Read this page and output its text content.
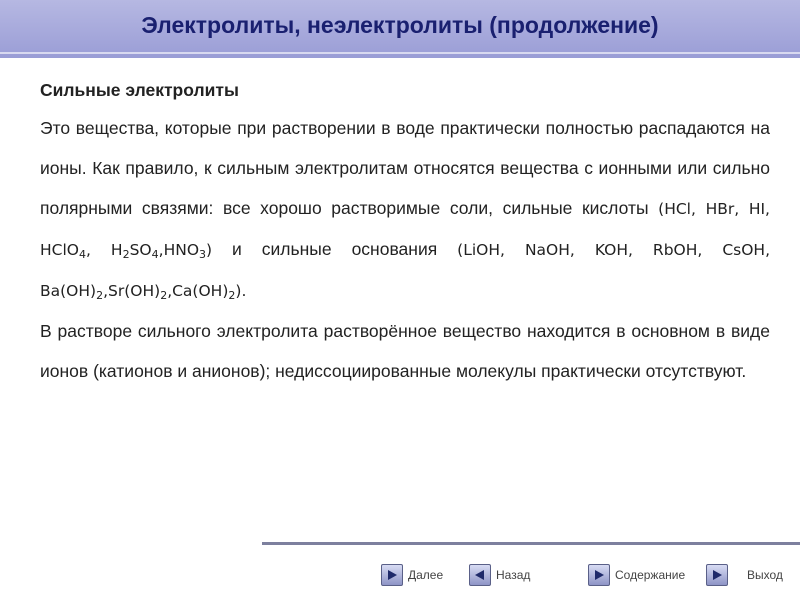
Электролиты, неэлектролиты (продолжение)

Сильные электролиты

Это вещества, которые при растворении в воде практически полностью распадаются на ионы. Как правило, к сильным электролитам относятся вещества с ионными или сильно полярными связями: все хорошо растворимые соли, сильные кислоты (HCl, HBr, HI, HClO$_4$, $H_2SO_4,HNO_3$) и сильные основания (LiOH, NaOH, KOH, RbOH, CsOH, $Ba(OH)_2,Sr(OH)_2,Ca(OH)_2$).

В растворе сильного электролита растворённое вещество находится в основном в виде ионов (катионов и анионов); недиссоциированные молекулы практически отсутствуют.

Далее	Назад	Содержание	Выход
